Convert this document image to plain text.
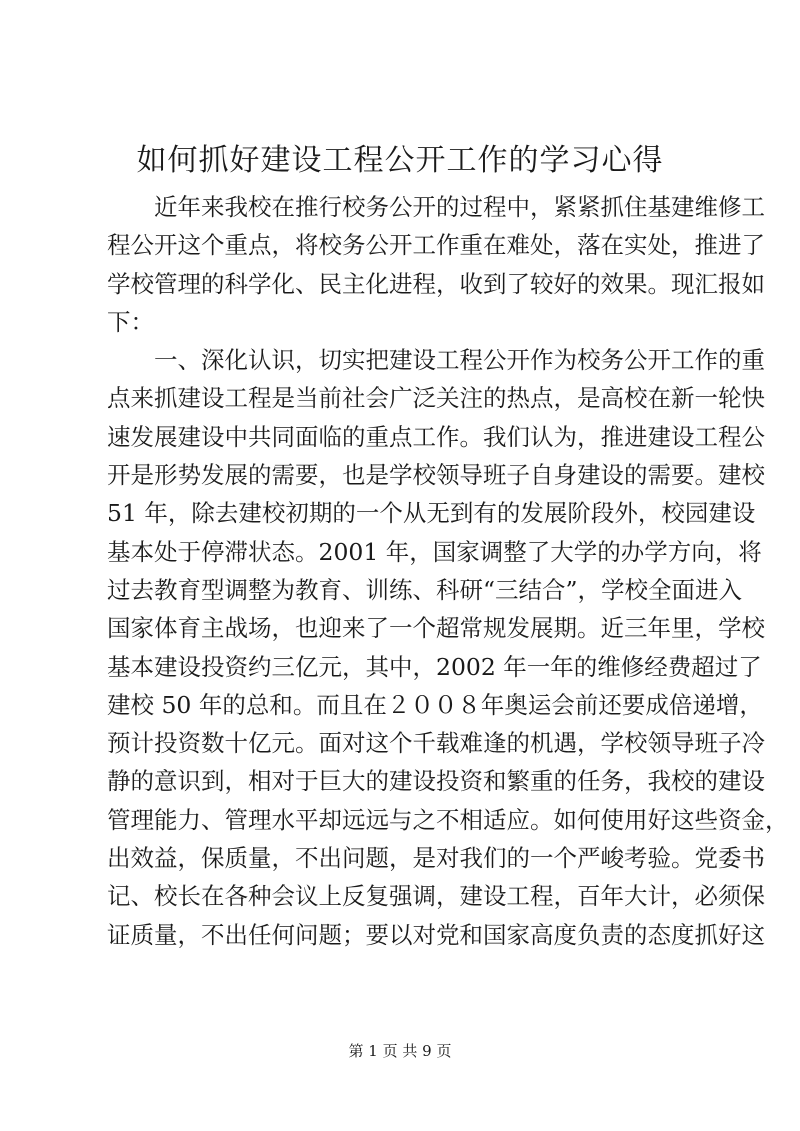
如何抓好建设工程公开工作的学习心得
　　近年来我校在推行校务公开的过程中，紧紧抓住基建维修工
程公开这个重点，将校务公开工作重在难处，落在实处，推进了
学校管理的科学化、民主化进程，收到了较好的效果。现汇报如
下：
　　一、深化认识，切实把建设工程公开作为校务公开工作的重
点来抓建设工程是当前社会广泛关注的热点，是高校在新一轮快
速发展建设中共同面临的重点工作。我们认为，推进建设工程公
开是形势发展的需要，也是学校领导班子自身建设的需要。建校
51 年，除去建校初期的一个从无到有的发展阶段外，校园建设
基本处于停滞状态。2001 年，国家调整了大学的办学方向，将
过去教育型调整为教育、训练、科研“三结合”，学校全面进入
国家体育主战场，也迎来了一个超常规发展期。近三年里，学校
基本建设投资约三亿元，其中，2002 年一年的维修经费超过了
建校 50 年的总和。而且在２００８年奥运会前还要成倍递增，
预计投资数十亿元。面对这个千载难逢的机遇，学校领导班子冷
静的意识到，相对于巨大的建设投资和繁重的任务，我校的建设
管理能力、管理水平却远远与之不相适应。如何使用好这些资金，
出效益，保质量，不出问题，是对我们的一个严峻考验。党委书
记、校长在各种会议上反复强调，建设工程，百年大计，必须保
证质量，不出任何问题；要以对党和国家高度负责的态度抓好这
第 1 页 共 9 页
